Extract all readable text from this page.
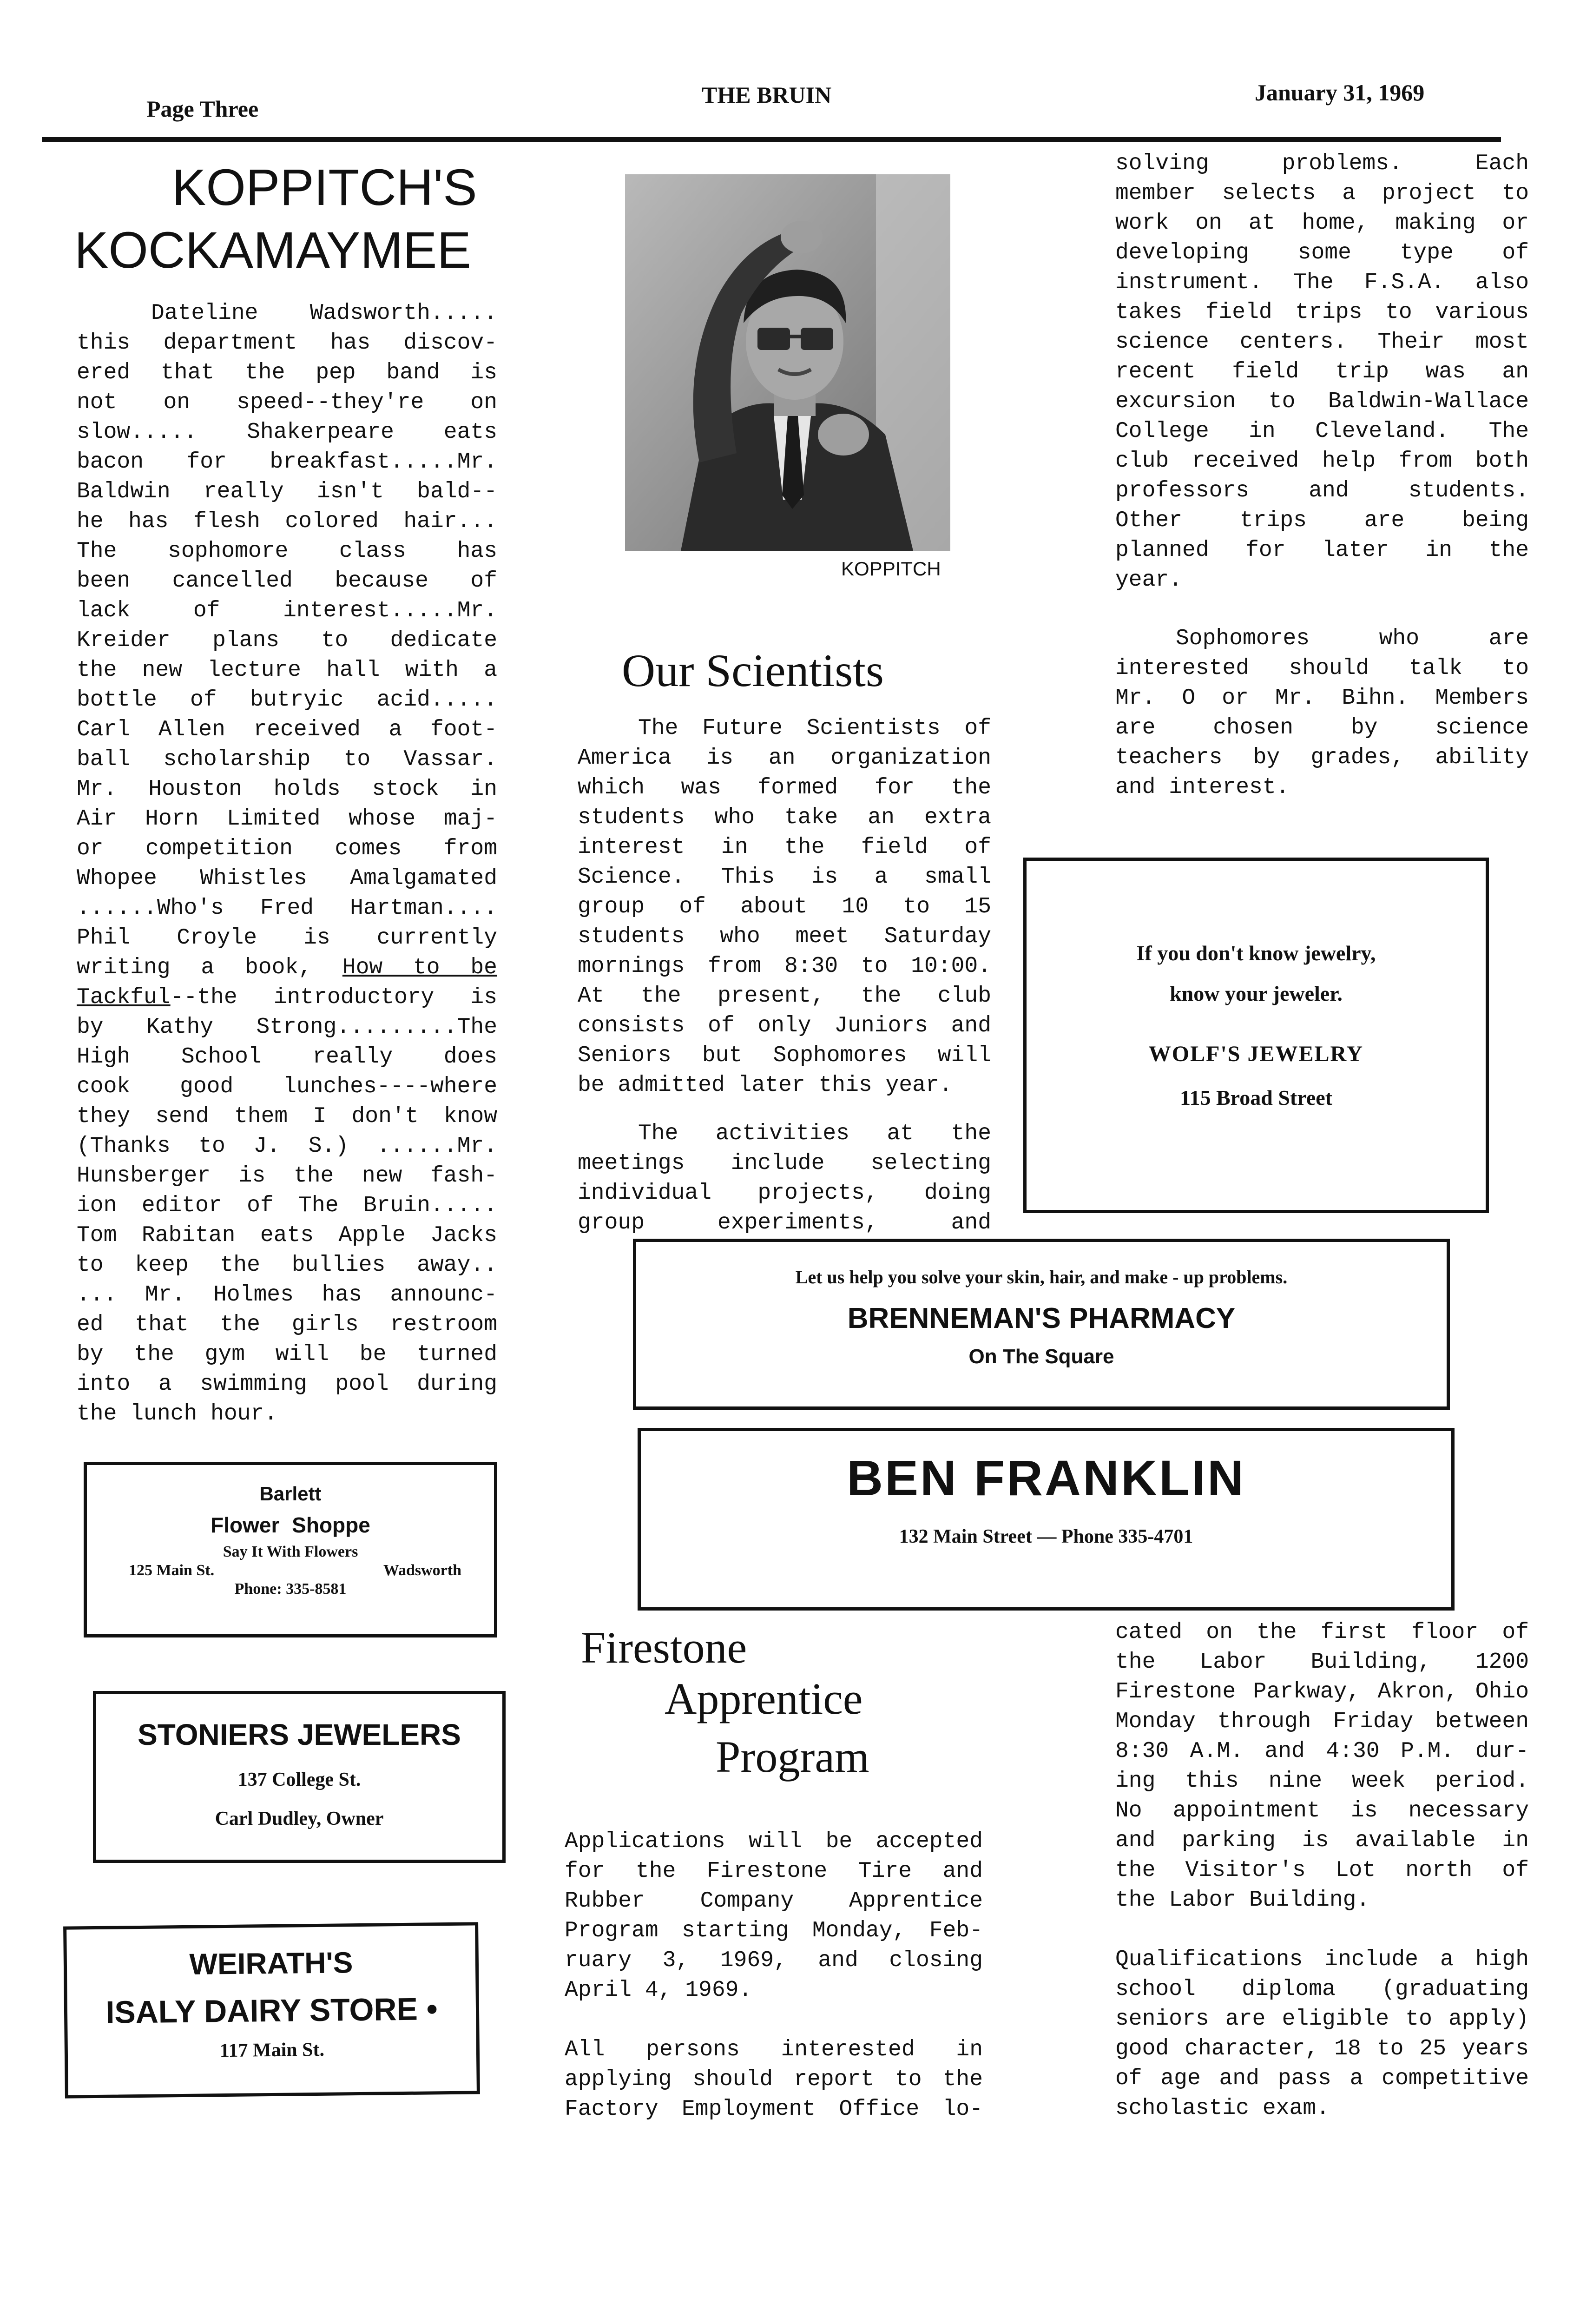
Page Three
THE BRUIN	January 31, 1969
KOPPITCH'S
KOCKAMAYMEE
Dateline Wadsworth.....
this department has discov-
ered that the pep band is
not on speed--they're on
slow..... Shakerpeare eats
bacon for breakfast.....Mr.
Baldwin really isn't bald--
he has flesh colored hair...
The sophomore class has
been cancelled because of
lack of interest.....Mr.
Kreider plans to dedicate
the new lecture hall with a
bottle of butryic acid.....
Carl Allen received a foot-
ball scholarship to Vassar.
Mr. Houston holds stock in
Air Horn Limited whose maj-
or competition comes from
Whopee Whistles Amalgamated
......Who's Fred Hartman....
Phil Croyle is currently
writing a book, How to be
Tackful--the introductory is
by Kathy Strong.........The
High School really does
cook good lunches----where
they send them I don't know
(Thanks to J. S.) ......Mr.
Hunsberger is the new fash-
ion editor of The Bruin.....
Tom Rabitan eats Apple Jacks
to keep the bullies away..
... Mr. Holmes has announc-
ed that the girls restroom
by the gym will be turned
into a swimming pool during
the lunch hour.
KOPPITCH
Our Scientists
The Future Scientists of
America is an organization
which was formed for the
students who take an extra
interest in the field of
Science. This is a small
group of about 10 to 15
students who meet Saturday
mornings from 8:30 to 10:00.
At the present, the club
consists of only Juniors and
Seniors but Sophomores will
be admitted later this year.
The activities at the
meetings include selecting
individual projects, doing
group experiments, and
solving problems. Each
member selects a project to
work on at home, making or
developing some type of
instrument. The F.S.A. also
takes field trips to various
science centers. Their most
recent field trip was an
excursion to Baldwin-Wallace
College in Cleveland. The
club received help from both
professors and students.
Other trips are being
planned for later in the
year.
Sophomores who are
interested should talk to
Mr. O or Mr. Bihn. Members
are chosen by science
teachers by grades, ability
and interest.
If you don't know jewelry,
know your jeweler.
WOLF'S JEWELRY
115 Broad Street
Let us help you solve your skin, hair, and make - up problems.
BRENNEMAN'S PHARMACY
On The Square
BEN FRANKLIN
132 Main Street — Phone 335-4701
Barlett
Flower Shoppe
Say It With Flowers
125 Main St.	Wadsworth
Phone: 335-8581
STONIERS JEWELERS
137 College St.
Carl Dudley, Owner
WEIRATH'S
ISALY DAIRY STORE •
117 Main St.
Firestone
Apprentice
Program
Applications will be accepted
for the Firestone Tire and
Rubber Company Apprentice
Program starting Monday, Feb-
ruary 3, 1969, and closing
April 4, 1969.
All persons interested in
applying should report to the
Factory Employment Office lo-
cated on the first floor of
the Labor Building, 1200
Firestone Parkway, Akron, Ohio
Monday through Friday between
8:30 A.M. and 4:30 P.M. dur-
ing this nine week period.
No appointment is necessary
and parking is available in
the Visitor's Lot north of
the Labor Building.
Qualifications include a high
school diploma (graduating
seniors are eligible to apply)
good character, 18 to 25 years
of age and pass a competitive
scholastic exam.
